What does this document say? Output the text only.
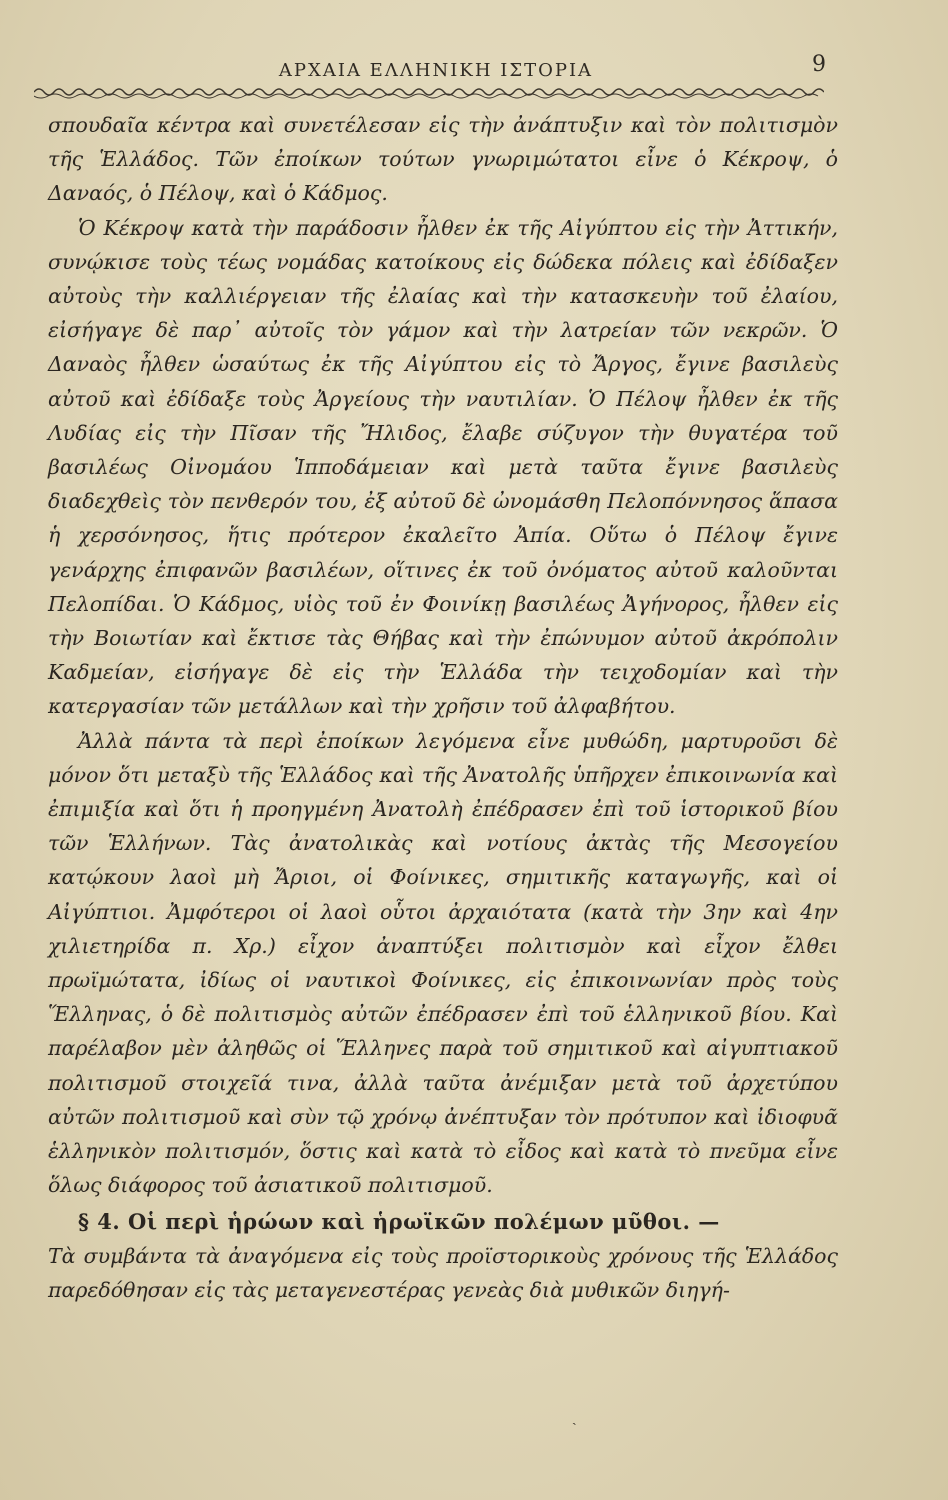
ΑΡΧΑΙΑ ΕΛΛΗΝΙΚΗ ΙΣΤΟΡΙΑ	9

σπουδαῖα κέντρα καὶ συνετέλεσαν εἰς τὴν ἀνάπτυξιν καὶ τὸν πολιτισμὸν τῆς Ἑλλάδος. Τῶν ἐποίκων τούτων γνωριμώτατοι εἶνε ὁ Κέκροψ, ὁ Δαναός, ὁ Πέλοψ, καὶ ὁ Κάδμος.

Ὁ Κέκροψ κατὰ τὴν παράδοσιν ἦλθεν ἐκ τῆς Αἰγύπτου εἰς τὴν Ἀττικήν, συνῴκισε τοὺς τέως νομάδας κατοίκους εἰς δώδεκα πόλεις καὶ ἐδίδαξεν αὐτοὺς τὴν καλλιέργειαν τῆς ἐλαίας καὶ τὴν κατασκευὴν τοῦ ἐλαίου, εἰσήγαγε δὲ παρ᾽ αὐτοῖς τὸν γάμον καὶ τὴν λατρείαν τῶν νεκρῶν. Ὁ Δαναὸς ἦλθεν ὡσαύτως ἐκ τῆς Αἰγύπτου εἰς τὸ Ἄργος, ἔγινε βασιλεὺς αὐτοῦ καὶ ἐδίδαξε τοὺς Ἀργείους τὴν ναυτιλίαν. Ὁ Πέλοψ ἦλθεν ἐκ τῆς Λυδίας εἰς τὴν Πῖσαν τῆς Ἤλιδος, ἔλαβε σύζυγον τὴν θυγατέρα τοῦ βασιλέως Οἰνομάου Ἱπποδάμειαν καὶ μετὰ ταῦτα ἔγινε βασιλεὺς διαδεχθεὶς τὸν πενθερόν του, ἐξ αὐτοῦ δὲ ὠνομάσθη Πελοπόννησος ἅπασα ἡ χερσόνησος, ἥτις πρότερον ἐκαλεῖτο Ἀπία. Οὕτω ὁ Πέλοψ ἔγινε γενάρχης ἐπιφανῶν βασιλέων, οἵτινες ἐκ τοῦ ὀνόματος αὐτοῦ καλοῦνται Πελοπίδαι. Ὁ Κάδμος, υἱὸς τοῦ ἐν Φοινίκῃ βασιλέως Ἀγήνορος, ἦλθεν εἰς τὴν Βοιωτίαν καὶ ἔκτισε τὰς Θήβας καὶ τὴν ἐπώνυμον αὐτοῦ ἀκρόπολιν Καδμείαν, εἰσήγαγε δὲ εἰς τὴν Ἑλλάδα τὴν τειχοδομίαν καὶ τὴν κατεργασίαν τῶν μετάλλων καὶ τὴν χρῆσιν τοῦ ἀλφαβήτου.

Ἀλλὰ πάντα τὰ περὶ ἐποίκων λεγόμενα εἶνε μυθώδη, μαρτυροῦσι δὲ μόνον ὅτι μεταξὺ τῆς Ἑλλάδος καὶ τῆς Ἀνατολῆς ὑπῆρχεν ἐπικοινωνία καὶ ἐπιμιξία καὶ ὅτι ἡ προηγμένη Ἀνατολὴ ἐπέδρασεν ἐπὶ τοῦ ἱστορικοῦ βίου τῶν Ἑλλήνων. Τὰς ἀνατολικὰς καὶ νοτίους ἀκτὰς τῆς Μεσογείου κατῴκουν λαοὶ μὴ Ἄριοι, οἱ Φοίνικες, σημιτικῆς καταγωγῆς, καὶ οἱ Αἰγύπτιοι. Ἀμφότεροι οἱ λαοὶ οὗτοι ἀρχαιότατα (κατὰ τὴν 3ην καὶ 4ην χιλιετηρίδα π. Χρ.) εἶχον ἀναπτύξει πολιτισμὸν καὶ εἶχον ἔλθει πρωϊμώτατα, ἰδίως οἱ ναυτικοὶ Φοίνικες, εἰς ἐπικοινωνίαν πρὸς τοὺς Ἕλληνας, ὁ δὲ πολιτισμὸς αὐτῶν ἐπέδρασεν ἐπὶ τοῦ ἑλληνικοῦ βίου. Καὶ παρέλαβον μὲν ἀληθῶς οἱ Ἕλληνες παρὰ τοῦ σημιτικοῦ καὶ αἰγυπτιακοῦ πολιτισμοῦ στοιχεῖά τινα, ἀλλὰ ταῦτα ἀνέμιξαν μετὰ τοῦ ἀρχετύπου αὐτῶν πολιτισμοῦ καὶ σὺν τῷ χρόνῳ ἀνέπτυξαν τὸν πρότυπον καὶ ἰδιοφυᾶ ἑλληνικὸν πολιτισμόν, ὅστις καὶ κατὰ τὸ εἶδος καὶ κατὰ τὸ πνεῦμα εἶνε ὅλως διάφορος τοῦ ἀσιατικοῦ πολιτισμοῦ.

§ 4. Οἱ περὶ ἡρώων καὶ ἡρωϊκῶν πολέμων μῦθοι. —

Τὰ συμβάντα τὰ ἀναγόμενα εἰς τοὺς προϊστορικοὺς χρόνους τῆς Ἑλλάδος παρεδόθησαν εἰς τὰς μεταγενεστέρας γενεὰς διὰ μυθικῶν διηγή-

ˏ
